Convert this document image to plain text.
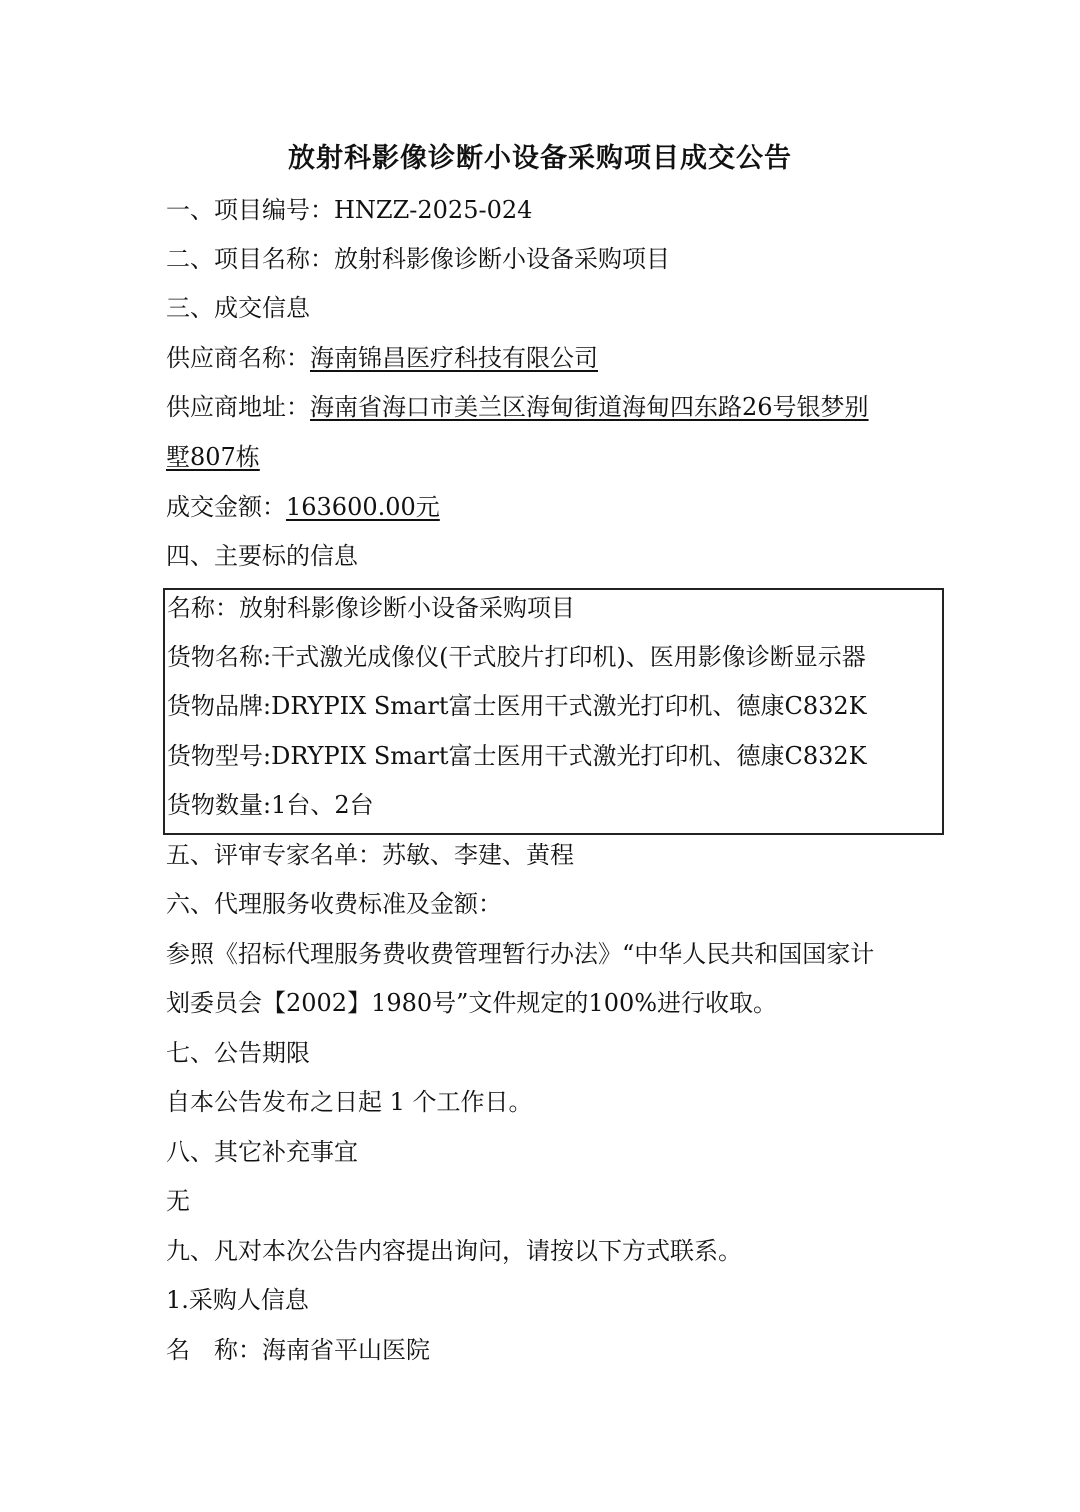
放射科影像诊断小设备采购项目成交公告
一、项目编号：HNZZ-2025-024
二、项目名称：放射科影像诊断小设备采购项目
三、成交信息
供应商名称：海南锦昌医疗科技有限公司
供应商地址：海南省海口市美兰区海甸街道海甸四东路26号银梦别
墅807栋
成交金额：163600.00元
四、主要标的信息
名称：放射科影像诊断小设备采购项目
货物名称:干式激光成像仪(干式胶片打印机)、医用影像诊断显示器
货物品牌:DRYPIX Smart富士医用干式激光打印机、德康C832K
货物型号:DRYPIX Smart富士医用干式激光打印机、德康C832K
货物数量:1台、2台
五、评审专家名单：苏敏、李建、黄程
六、代理服务收费标准及金额：
参照《招标代理服务费收费管理暂行办法》“中华人民共和国国家计
划委员会【2002】1980号”文件规定的100%进行收取。
七、公告期限
自本公告发布之日起 1 个工作日。
八、其它补充事宜
无
九、凡对本次公告内容提出询问，请按以下方式联系。
1.采购人信息
名　称：海南省平山医院
